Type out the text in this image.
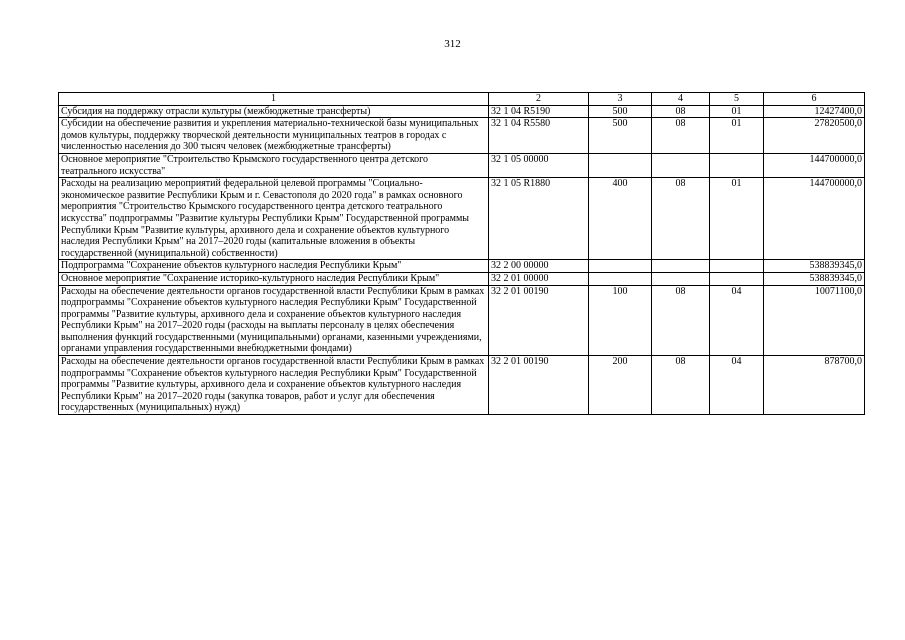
312
1	2	3	4	5	6
Субсидия на поддержку отрасли культуры (межбюджетные трансферты)	32 1 04 R5190	500	08	01	12427400,0
Субсидии на обеспечение развития и укрепления материально-технической базы муниципальных домов культуры, поддержку творческой деятельности муниципальных театров в городах с численностью населения до 300 тысяч человек (межбюджетные трансферты)	32 1 04 R5580	500	08	01	27820500,0
Основное мероприятие "Строительство Крымского государственного центра детского театрального искусства"	32 1 05 00000				144700000,0
Расходы на реализацию мероприятий федеральной целевой программы "Социально-экономическое развитие Республики Крым и г. Севастополя до 2020 года" в рамках основного мероприятия "Строительство Крымского государственного центра детского театрального искусства" подпрограммы "Развитие культуры Республики Крым" Государственной программы Республики Крым "Развитие культуры, архивного дела и сохранение объектов культурного наследия Республики Крым" на 2017–2020 годы (капитальные вложения в объекты государственной (муниципальной) собственности)	32 1 05 R1880	400	08	01	144700000,0
Подпрограмма "Сохранение объектов культурного наследия Республики Крым"	32 2 00 00000				538839345,0
Основное мероприятие "Сохранение историко-культурного наследия Республики Крым"	32 2 01 00000				538839345,0
Расходы на обеспечение деятельности органов государственной власти Республики Крым в рамках подпрограммы "Сохранение объектов культурного наследия Республики Крым" Государственной программы "Развитие культуры, архивного дела и сохранение объектов культурного наследия Республики Крым" на 2017–2020 годы (расходы на выплаты персоналу в целях обеспечения выполнения функций государственными (муниципальными) органами, казенными учреждениями, органами управления государственными внебюджетными фондами)	32 2 01 00190	100	08	04	10071100,0
Расходы на обеспечение деятельности органов государственной власти Республики Крым в рамках подпрограммы "Сохранение объектов культурного наследия Республики Крым" Государственной программы "Развитие культуры, архивного дела и сохранение объектов культурного наследия Республики Крым" на 2017–2020 годы (закупка товаров, работ и услуг для обеспечения государственных (муниципальных) нужд)	32 2 01 00190	200	08	04	878700,0
